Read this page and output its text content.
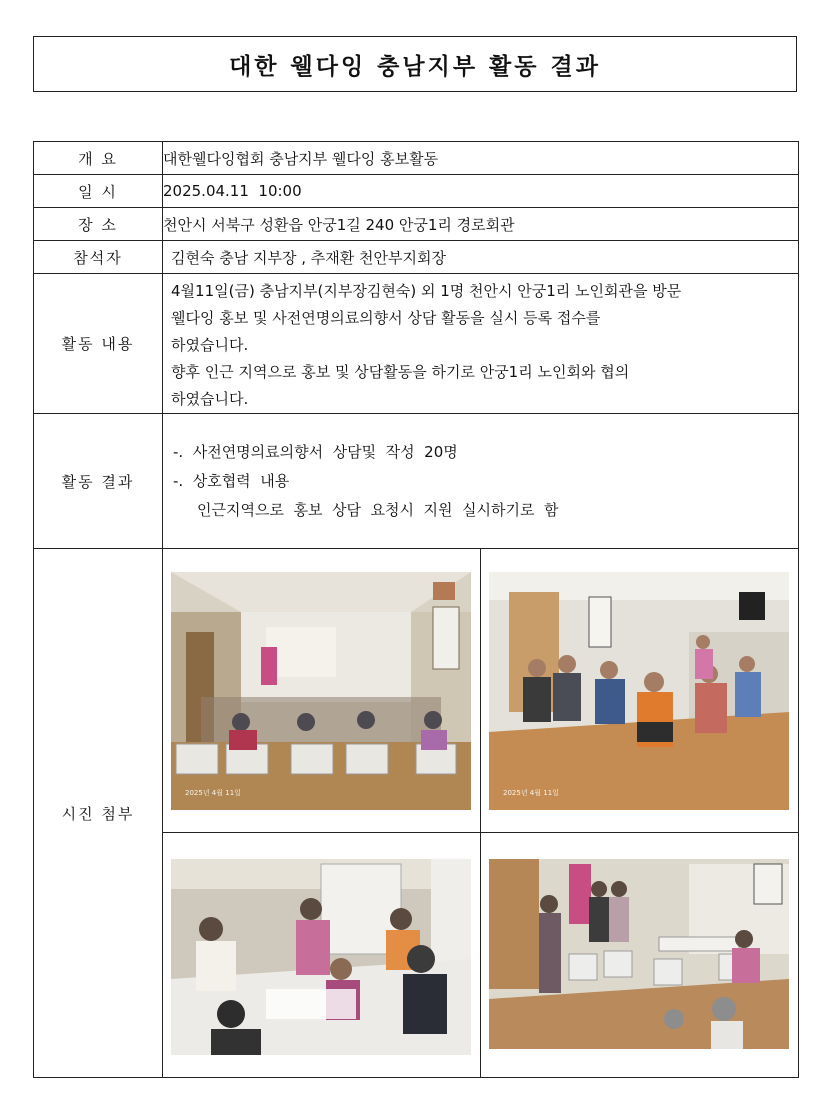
대한 웰다잉 충남지부 활동 결과
개 요	대한웰다잉협회 충남지부 웰다잉 홍보활동
일 시	2025.04.11  10:00
장 소	천안시 서북구 성환읍 안궁1길 240 안궁1리 경로회관
참석자	김현숙 충남 지부장 , 추재환 천안부지회장
활동 내용	4월11일(금) 충남지부(지부장김현숙) 외 1명 천안시 안궁1리 노인회관을 방문
웰다잉 홍보 및 사전연명의료의향서 상담 활동을 실시 등록 접수를
하였습니다.
향후 인근 지역으로 홍보 및 상담활동을 하기로 안궁1리 노인회와 협의
하였습니다.

활동 결과	-.  사전연명의료의향서  상담및  작성  20명
-.  상호협력  내용
인근지역으로  홍보  상담  요청시  지원  실시하기로  함

시진 첨부	2025년 4월 11일 2025년 4월 11일
